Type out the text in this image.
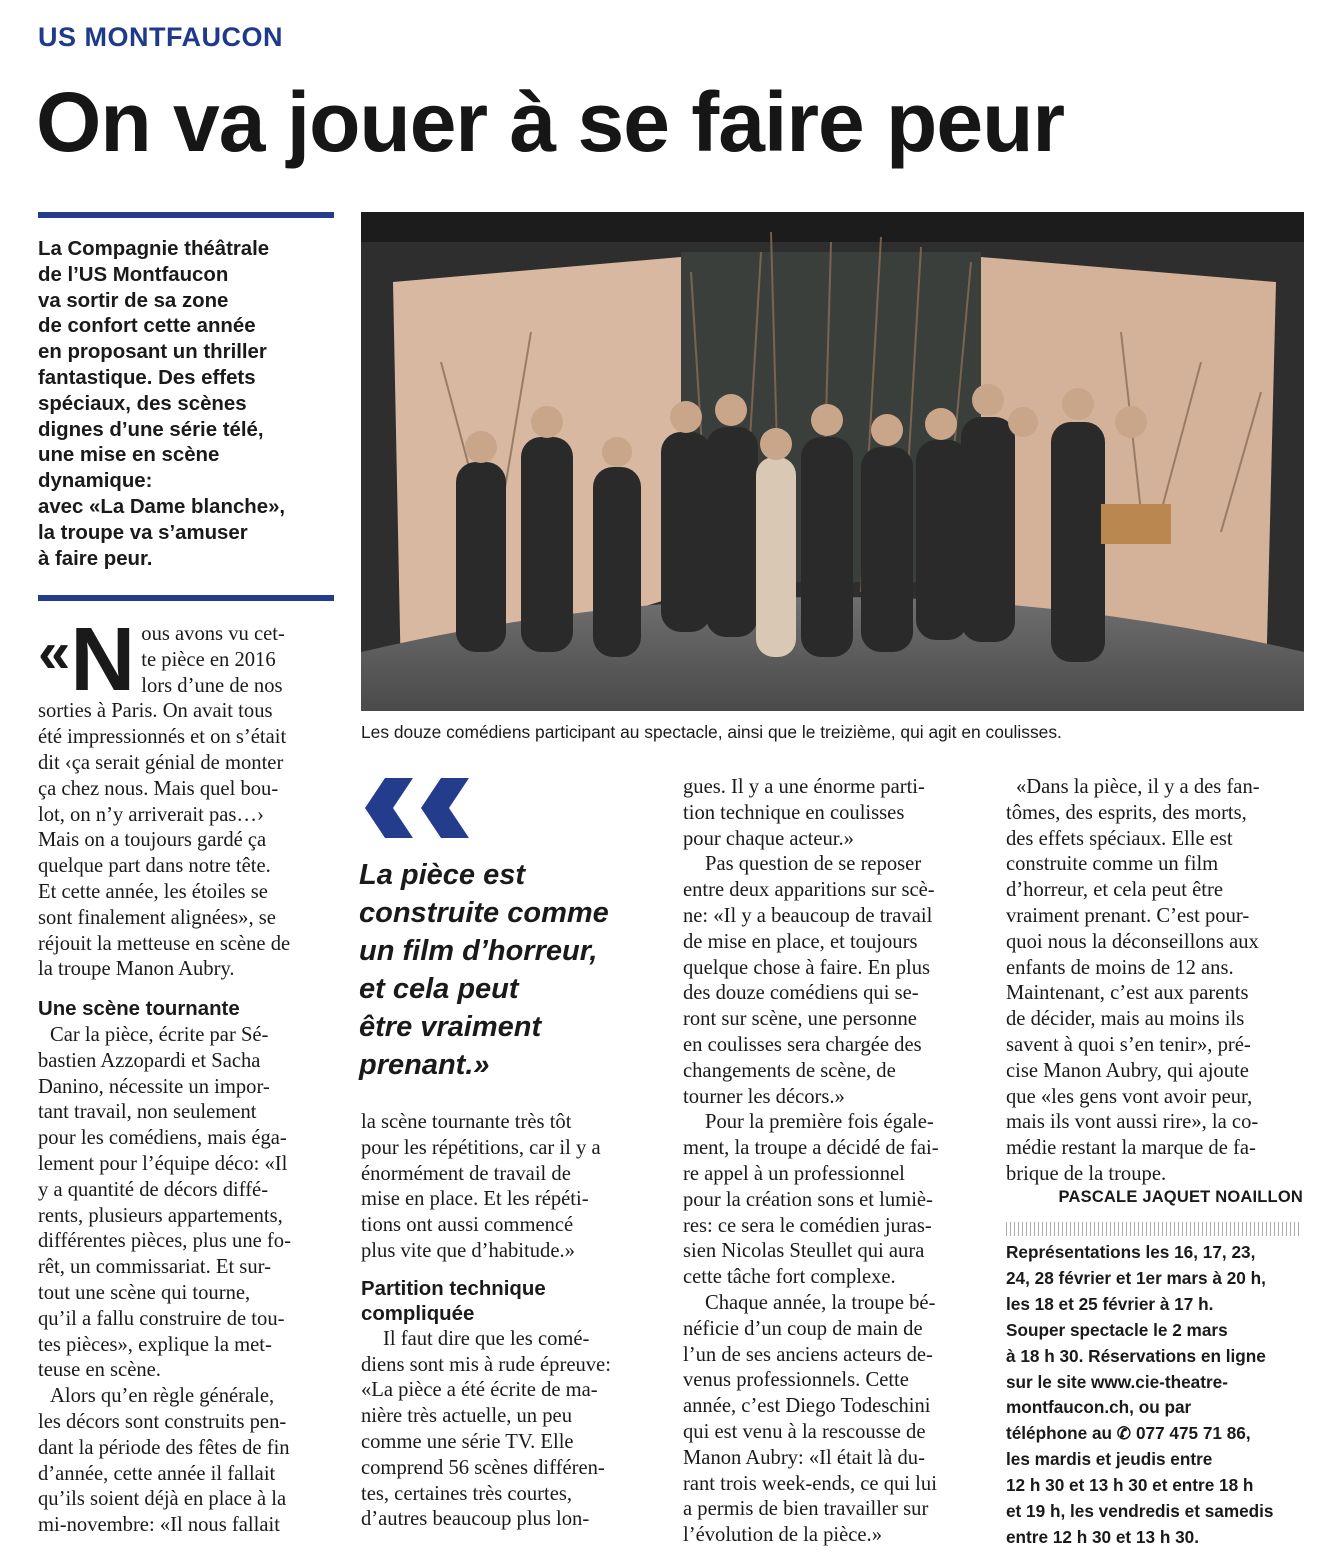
US MONTFAUCON
On va jouer à se faire peur
La Compagnie théâtrale
de l’US Montfaucon
va sortir de sa zone
de confort cette année
en proposant un thriller
fantastique. Des effets
spéciaux, des scènes
dignes d’une série télé,
une mise en scène
dynamique:
avec «La Dame blanche»,
la troupe va s’amuser
à faire peur.
Les douze comédiens participant au spectacle, ainsi que le treizième, qui agit en coulisses.
« N ous avons vu cet-
te pièce en 2016
lors d’une de nos
sorties à Paris. On avait tous
été impressionnés et on s’était
dit ‹ça serait génial de monter
ça chez nous. Mais quel bou-
lot, on n’y arriverait pas…›
Mais on a toujours gardé ça
quelque part dans notre tête.
Et cette année, les étoiles se
sont finalement alignées», se
réjouit la metteuse en scène de
la troupe Manon Aubry.
Une scène tournante
Car la pièce, écrite par Sé-
bastien Azzopardi et Sacha
Danino, nécessite un impor-
tant travail, non seulement
pour les comédiens, mais éga-
lement pour l’équipe déco: «Il
y a quantité de décors diffé-
rents, plusieurs appartements,
différentes pièces, plus une fo-
rêt, un commissariat. Et sur-
tout une scène qui tourne,
qu’il a fallu construire de tou-
tes pièces», explique la met-
teuse en scène.
Alors qu’en règle générale,
les décors sont construits pen-
dant la période des fêtes de fin
d’année, cette année il fallait
qu’ils soient déjà en place à la
mi-novembre: «Il nous fallait
La pièce est
construite comme
un film d’horreur,
et cela peut
être vraiment
prenant.»
la scène tournante très tôt
pour les répétitions, car il y a
énormément de travail de
mise en place. Et les répéti-
tions ont aussi commencé
plus vite que d’habitude.»
Partition technique
compliquée
Il faut dire que les comé-
diens sont mis à rude épreuve:
«La pièce a été écrite de ma-
nière très actuelle, un peu
comme une série TV. Elle
comprend 56 scènes différen-
tes, certaines très courtes,
d’autres beaucoup plus lon-
gues. Il y a une énorme parti-
tion technique en coulisses
pour chaque acteur.»
Pas question de se reposer
entre deux apparitions sur scè-
ne: «Il y a beaucoup de travail
de mise en place, et toujours
quelque chose à faire. En plus
des douze comédiens qui se-
ront sur scène, une personne
en coulisses sera chargée des
changements de scène, de
tourner les décors.»
Pour la première fois égale-
ment, la troupe a décidé de fai-
re appel à un professionnel
pour la création sons et lumiè-
res: ce sera le comédien juras-
sien Nicolas Steullet qui aura
cette tâche fort complexe.
Chaque année, la troupe bé-
néficie d’un coup de main de
l’un de ses anciens acteurs de-
venus professionnels. Cette
année, c’est Diego Todeschini
qui est venu à la rescousse de
Manon Aubry: «Il était là du-
rant trois week-ends, ce qui lui
a permis de bien travailler sur
l’évolution de la pièce.»
«Dans la pièce, il y a des fan-
tômes, des esprits, des morts,
des effets spéciaux. Elle est
construite comme un film
d’horreur, et cela peut être
vraiment prenant. C’est pour-
quoi nous la déconseillons aux
enfants de moins de 12 ans.
Maintenant, c’est aux parents
de décider, mais au moins ils
savent à quoi s’en tenir», pré-
cise Manon Aubry, qui ajoute
que «les gens vont avoir peur,
mais ils vont aussi rire», la co-
médie restant la marque de fa-
brique de la troupe.
PASCALE JAQUET NOAILLON
Représentations les 16, 17, 23,
24, 28 février et 1er mars à 20 h,
les 18 et 25 février à 17 h.
Souper spectacle le 2 mars
à 18 h 30. Réservations en ligne
sur le site www.cie-theatre-
montfaucon.ch, ou par
téléphone au ✆ 077 475 71 86,
les mardis et jeudis entre
12 h 30 et 13 h 30 et entre 18 h
et 19 h, les vendredis et samedis
entre 12 h 30 et 13 h 30.
